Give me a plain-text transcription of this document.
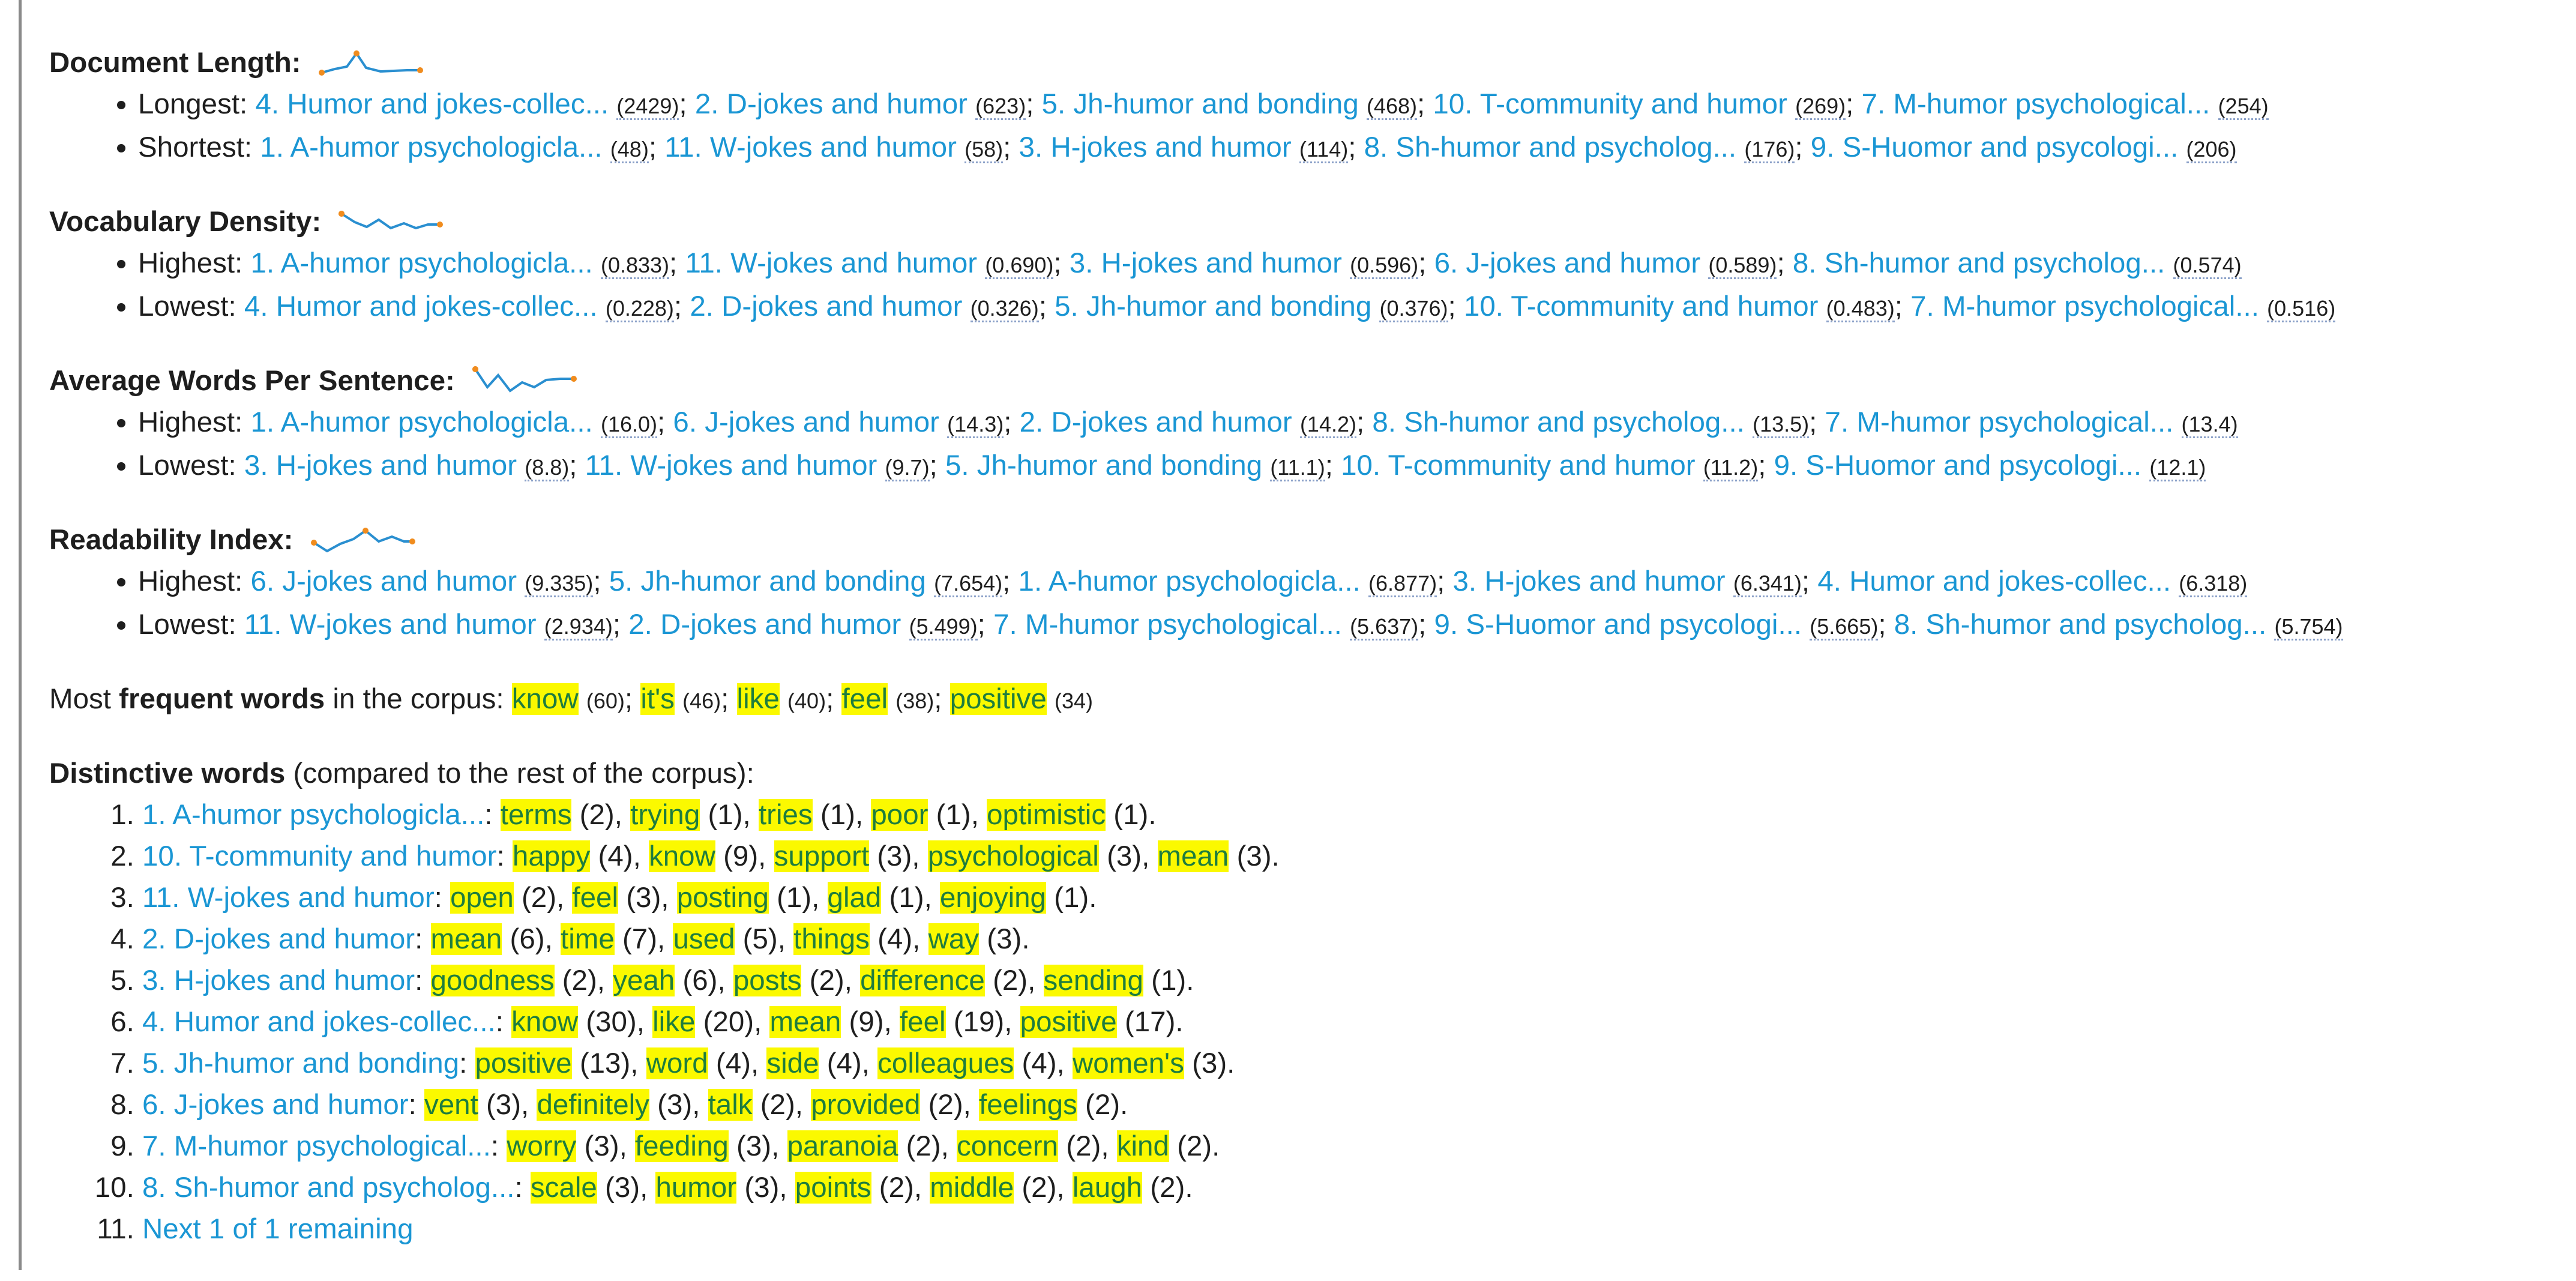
Document Length:
• Longest: 4. Humor and jokes-collec... (2429); 2. D-jokes and humor (623); 5. Jh-humor and bonding (468); 10. T-community and humor (269); 7. M-humor psychological... (254)
• Shortest: 1. A-humor psychologicla... (48); 11. W-jokes and humor (58); 3. H-jokes and humor (114); 8. Sh-humor and psycholog... (176); 9. S-Huomor and psycologi... (206)
Vocabulary Density:
• Highest: 1. A-humor psychologicla... (0.833); 11. W-jokes and humor (0.690); 3. H-jokes and humor (0.596); 6. J-jokes and humor (0.589); 8. Sh-humor and psycholog... (0.574)
• Lowest: 4. Humor and jokes-collec... (0.228); 2. D-jokes and humor (0.326); 5. Jh-humor and bonding (0.376); 10. T-community and humor (0.483); 7. M-humor psychological... (0.516)
Average Words Per Sentence:
• Highest: 1. A-humor psychologicla... (16.0); 6. J-jokes and humor (14.3); 2. D-jokes and humor (14.2); 8. Sh-humor and psycholog... (13.5); 7. M-humor psychological... (13.4)
• Lowest: 3. H-jokes and humor (8.8); 11. W-jokes and humor (9.7); 5. Jh-humor and bonding (11.1); 10. T-community and humor (11.2); 9. S-Huomor and psycologi... (12.1)
Readability Index:
• Highest: 6. J-jokes and humor (9.335); 5. Jh-humor and bonding (7.654); 1. A-humor psychologicla... (6.877); 3. H-jokes and humor (6.341); 4. Humor and jokes-collec... (6.318)
• Lowest: 11. W-jokes and humor (2.934); 2. D-jokes and humor (5.499); 7. M-humor psychological... (5.637); 9. S-Huomor and psycologi... (5.665); 8. Sh-humor and psycholog... (5.754)
Most frequent words in the corpus: know (60); it's (46); like (40); feel (38); positive (34)
Distinctive words (compared to the rest of the corpus):
1. 1. A-humor psychologicla...: terms (2), trying (1), tries (1), poor (1), optimistic (1).
2. 10. T-community and humor: happy (4), know (9), support (3), psychological (3), mean (3).
3. 11. W-jokes and humor: open (2), feel (3), posting (1), glad (1), enjoying (1).
4. 2. D-jokes and humor: mean (6), time (7), used (5), things (4), way (3).
5. 3. H-jokes and humor: goodness (2), yeah (6), posts (2), difference (2), sending (1).
6. 4. Humor and jokes-collec...: know (30), like (20), mean (9), feel (19), positive (17).
7. 5. Jh-humor and bonding: positive (13), word (4), side (4), colleagues (4), women's (3).
8. 6. J-jokes and humor: vent (3), definitely (3), talk (2), provided (2), feelings (2).
9. 7. M-humor psychological...: worry (3), feeding (3), paranoia (2), concern (2), kind (2).
10. 8. Sh-humor and psycholog...: scale (3), humor (3), points (2), middle (2), laugh (2).
11. Next 1 of 1 remaining
